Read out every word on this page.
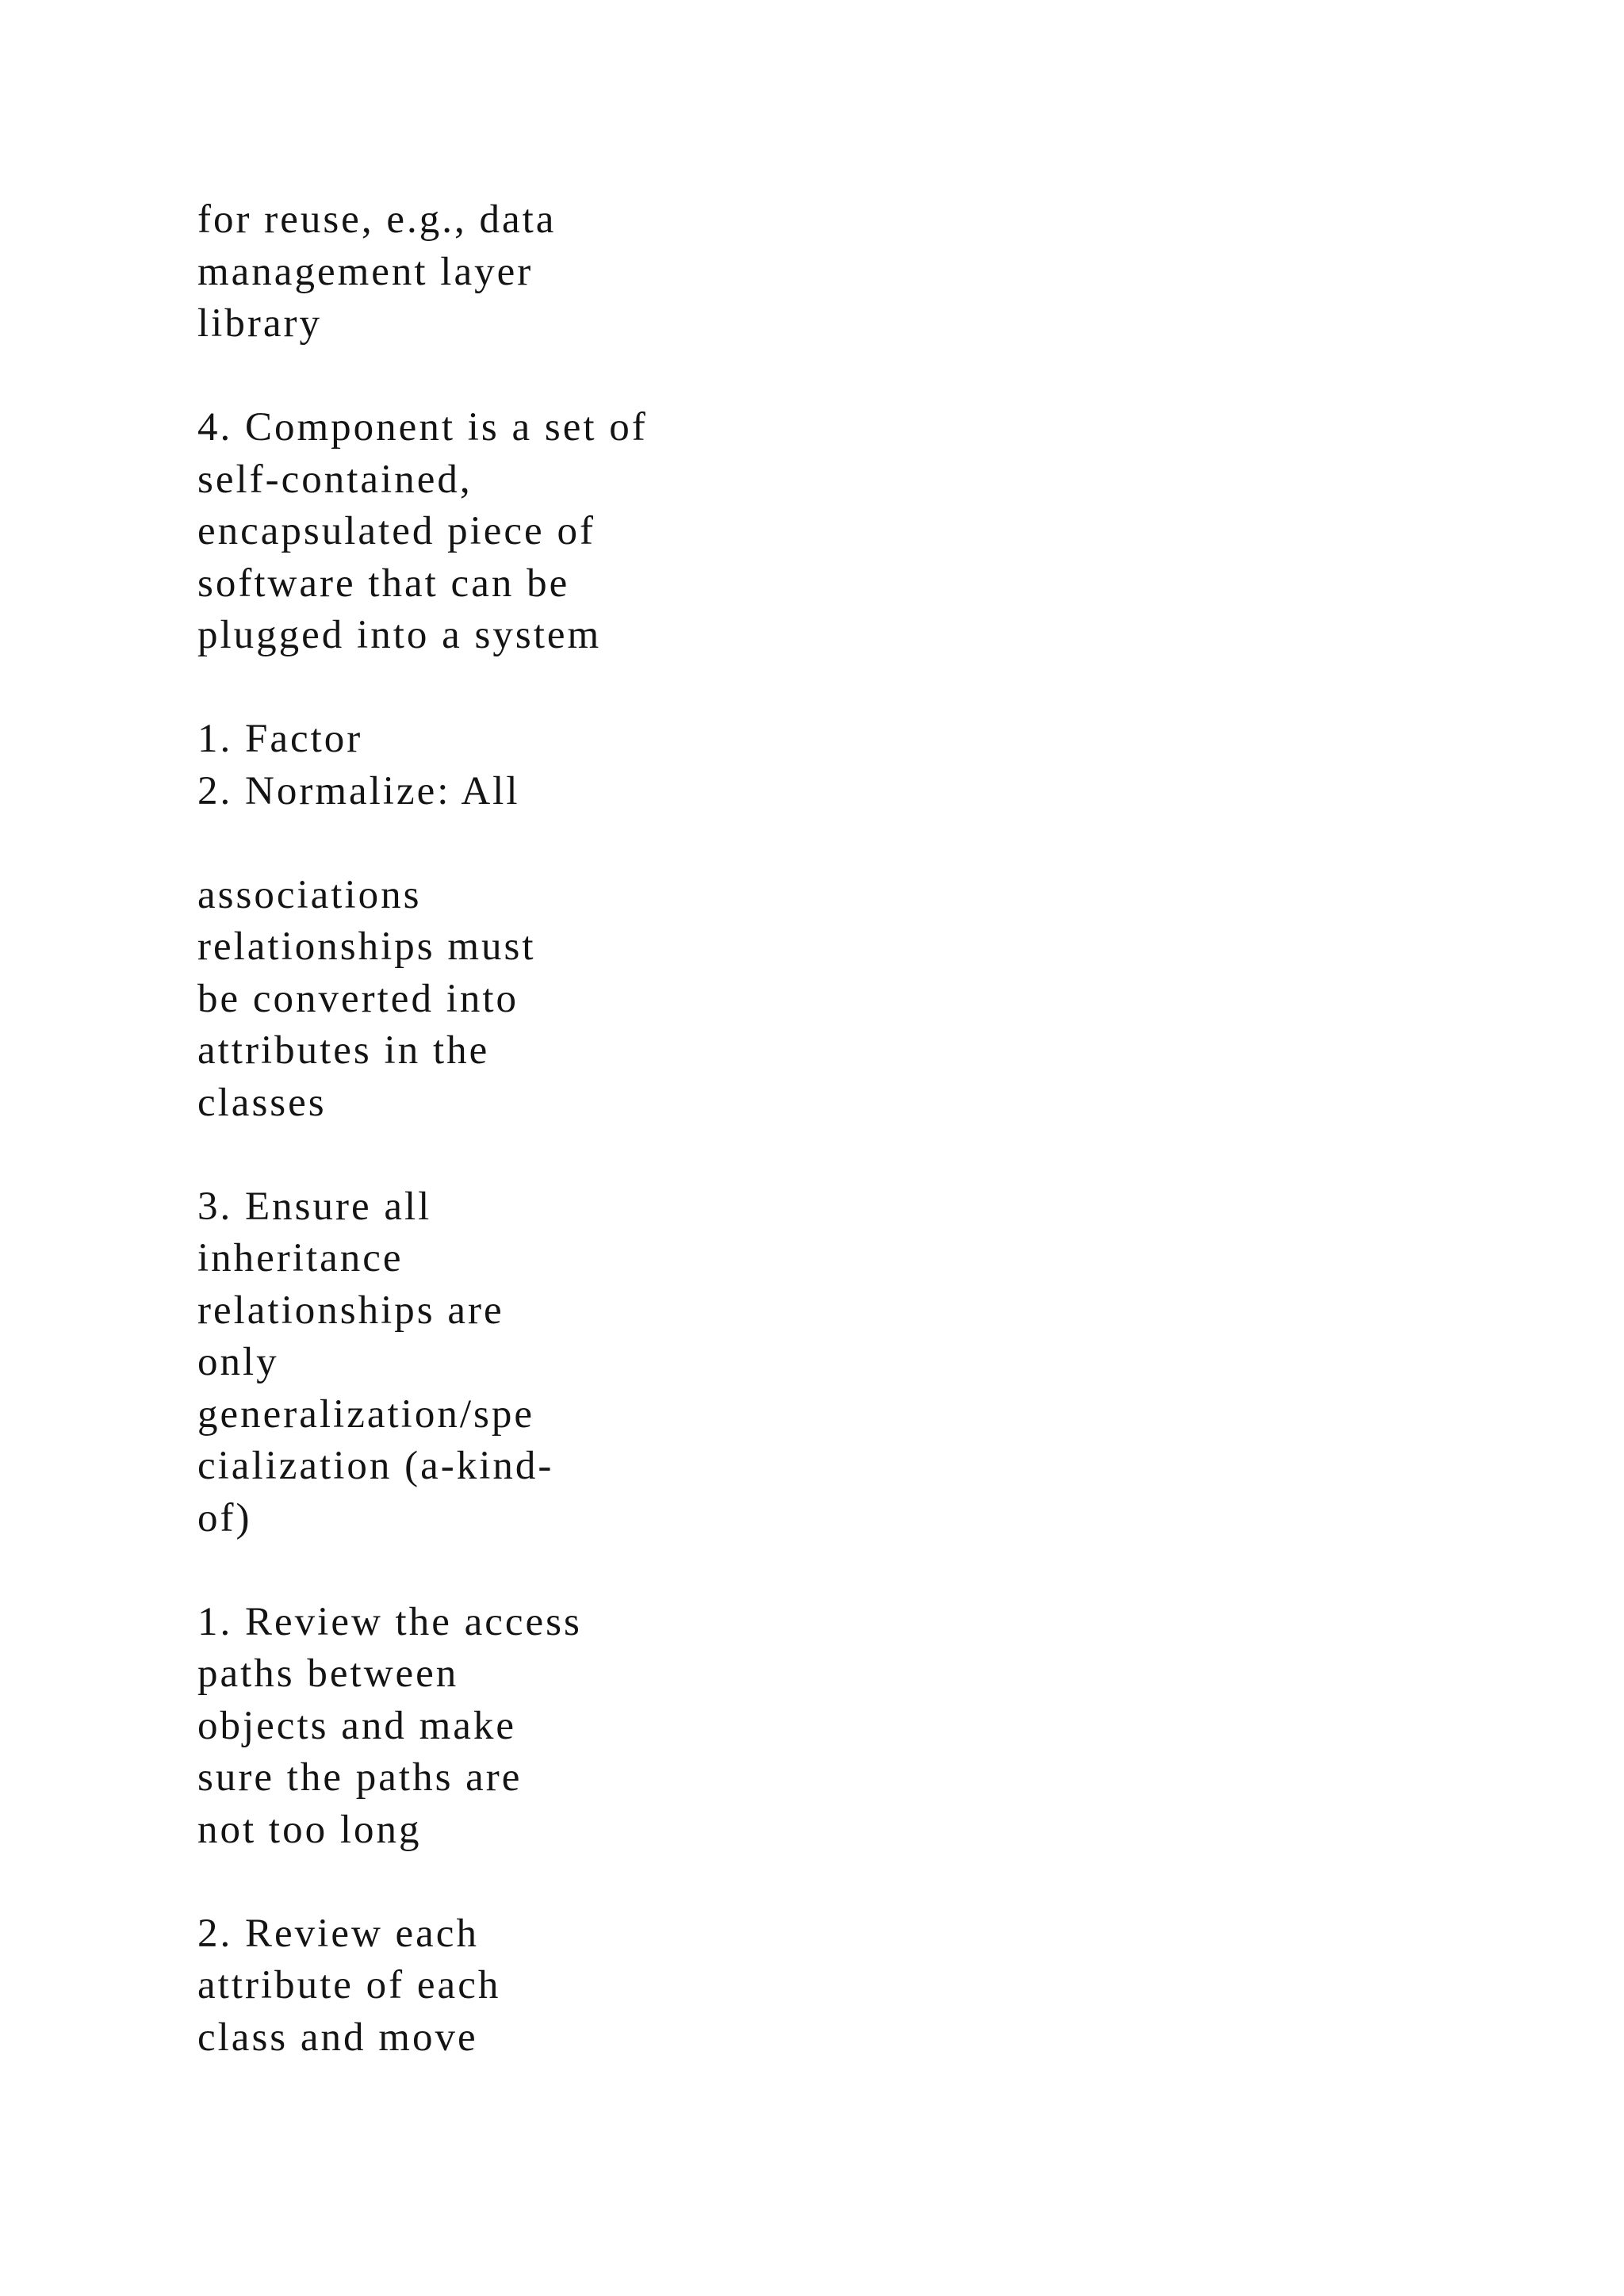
for reuse, e.g., data
management layer
library

4. Component is a set of
self-contained,
encapsulated piece of
software that can be
plugged into a system

1. Factor
2. Normalize: All

associations
relationships must
be converted into
attributes in the
classes

3. Ensure all
inheritance
relationships are
only
generalization/spe
cialization (a-kind-
of)

1. Review the access
paths between
objects and make
sure the paths are
not too long

2. Review each
attribute of each
class and move
